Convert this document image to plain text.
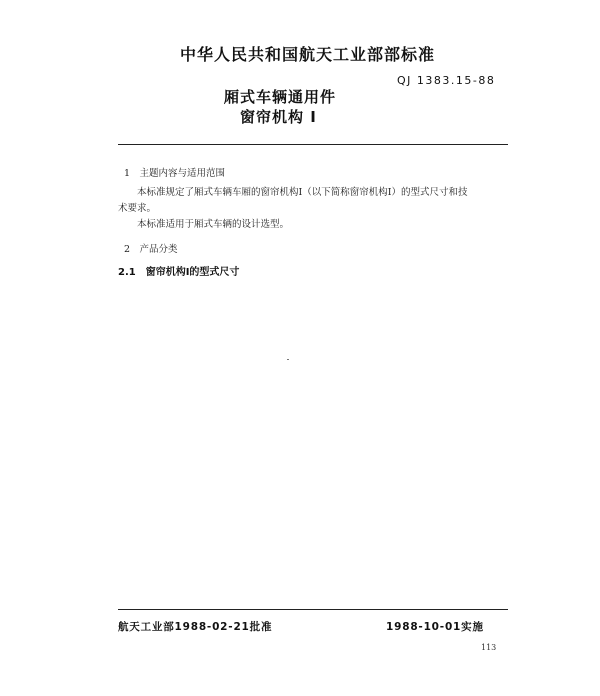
中华人民共和国航天工业部部标准
QJ 1383.15-88
厢式车辆通用件
窗帘机构 Ⅰ
1　主题内容与适用范围
本标准规定了厢式车辆车厢的窗帘机构Ⅰ（以下简称窗帘机构Ⅰ）的型式尺寸和技
术要求。
本标准适用于厢式车辆的设计选型。
2　产品分类
2.1　窗帘机构Ⅰ的型式尺寸
航天工业部1988-02-21批准	1988-10-01实施
113
